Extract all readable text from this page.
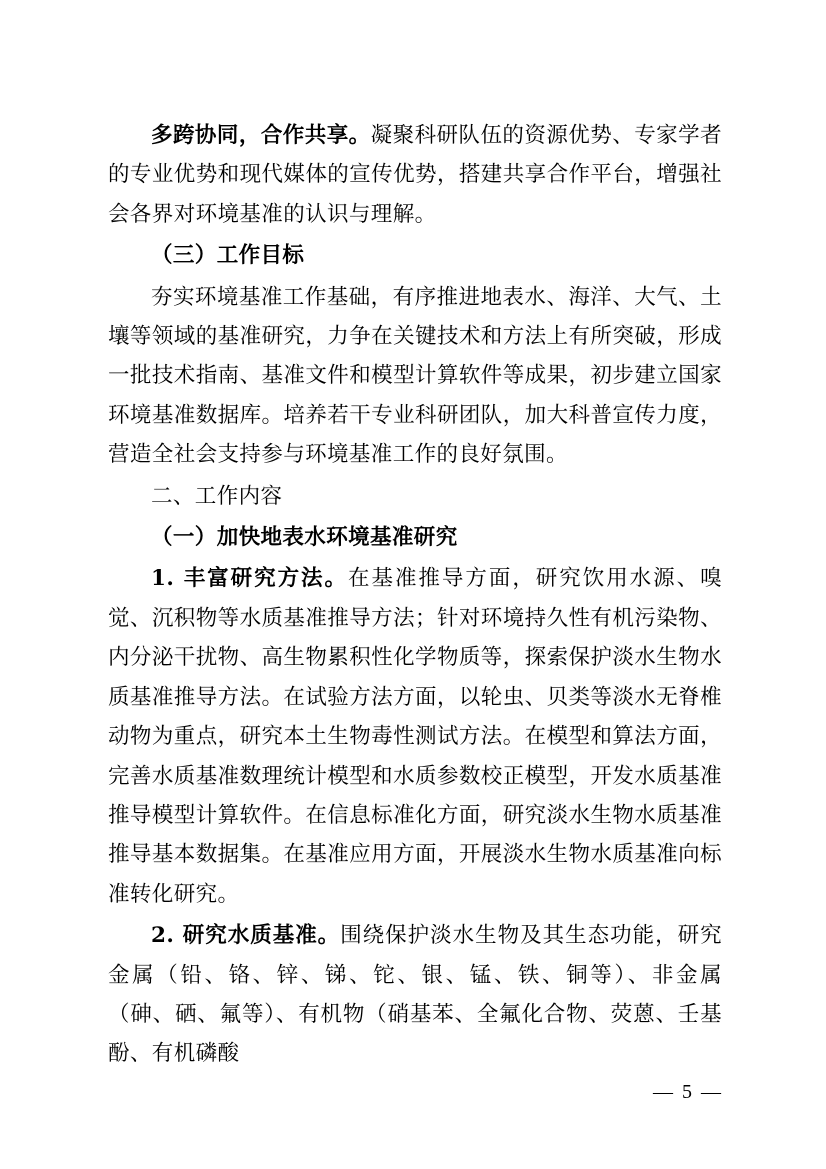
多跨协同，合作共享。凝聚科研队伍的资源优势、专家学者的专业优势和现代媒体的宣传优势，搭建共享合作平台，增强社会各界对环境基准的认识与理解。

（三）工作目标

夯实环境基准工作基础，有序推进地表水、海洋、大气、土壤等领域的基准研究，力争在关键技术和方法上有所突破，形成一批技术指南、基准文件和模型计算软件等成果，初步建立国家环境基准数据库。培养若干专业科研团队，加大科普宣传力度，营造全社会支持参与环境基准工作的良好氛围。

二、工作内容

（一）加快地表水环境基准研究

1. 丰富研究方法。在基准推导方面，研究饮用水源、嗅觉、沉积物等水质基准推导方法；针对环境持久性有机污染物、内分泌干扰物、高生物累积性化学物质等，探索保护淡水生物水质基准推导方法。在试验方法方面，以轮虫、贝类等淡水无脊椎动物为重点，研究本土生物毒性测试方法。在模型和算法方面，完善水质基准数理统计模型和水质参数校正模型，开发水质基准推导模型计算软件。在信息标准化方面，研究淡水生物水质基准推导基本数据集。在基准应用方面，开展淡水生物水质基准向标准转化研究。

2. 研究水质基准。围绕保护淡水生物及其生态功能，研究金属（铅、铬、锌、锑、铊、银、锰、铁、铜等）、非金属（砷、硒、氟等）、有机物（硝基苯、全氟化合物、荧蒽、壬基酚、有机磷酸

— 5 —
